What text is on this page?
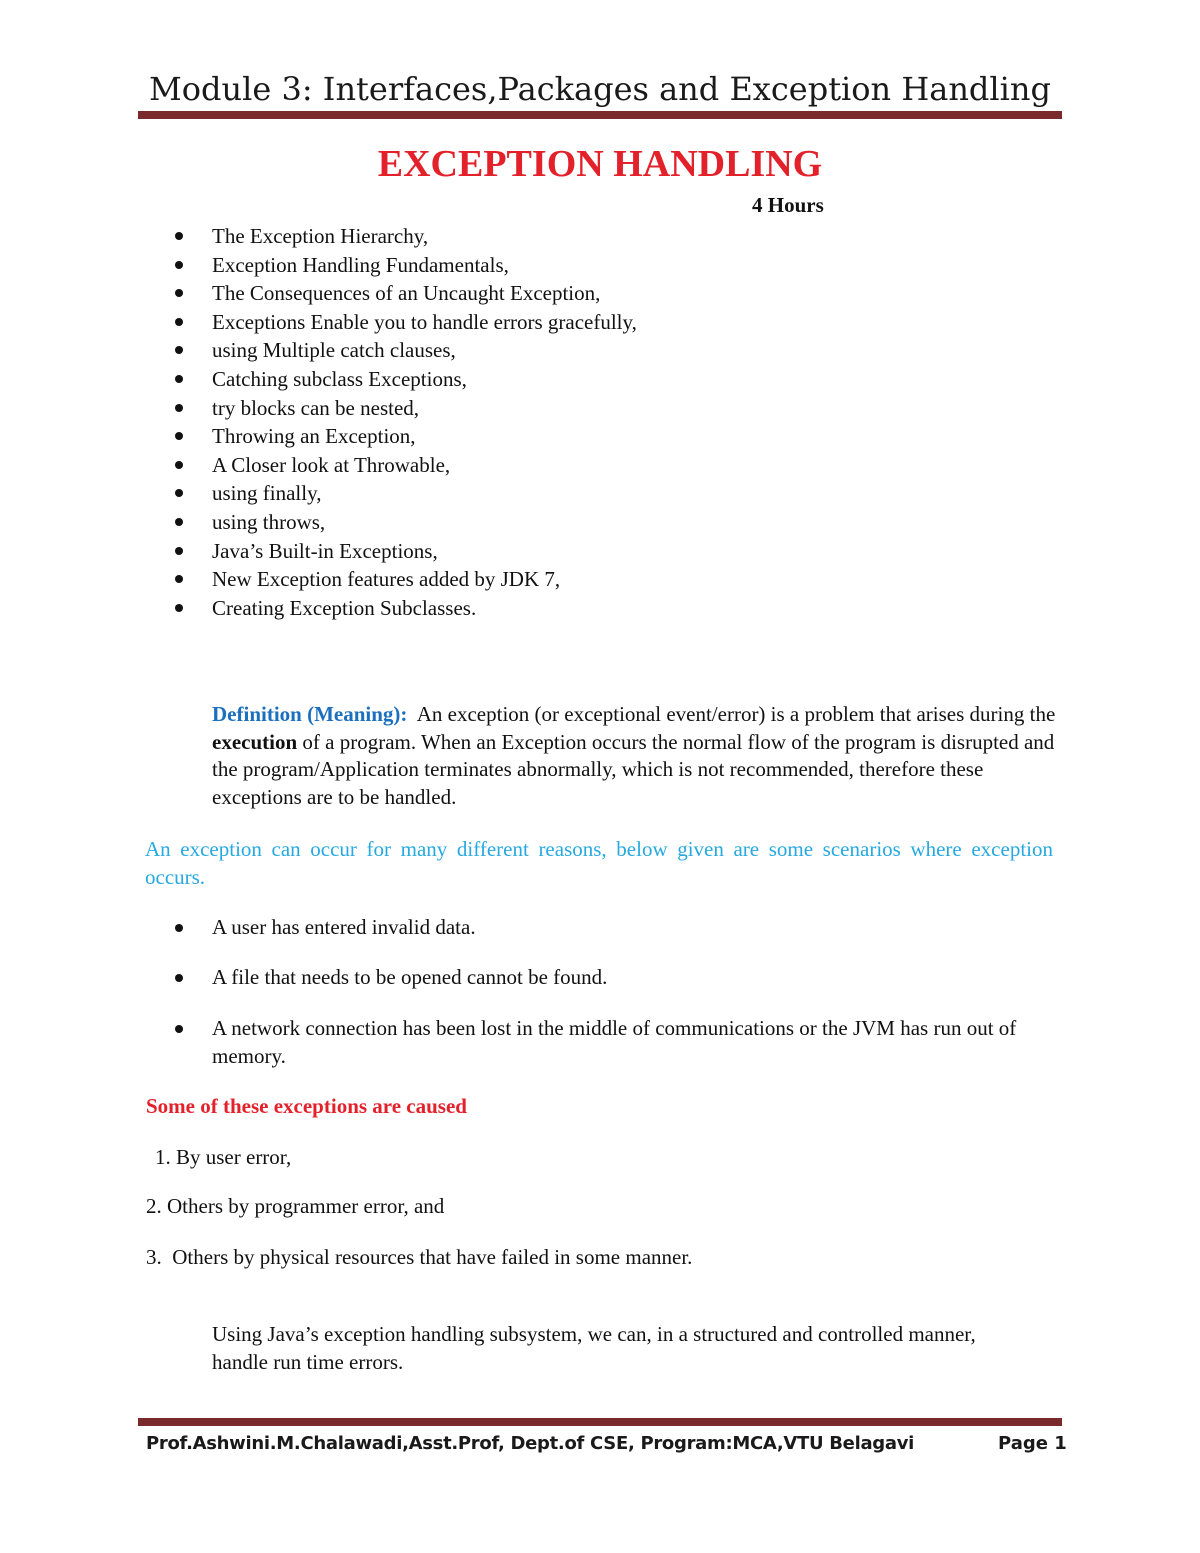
Module 3: Interfaces,Packages and Exception Handling
EXCEPTION HANDLING
4 Hours
The Exception Hierarchy,
Exception Handling Fundamentals,
The Consequences of an Uncaught Exception,
Exceptions Enable you to handle errors gracefully,
using Multiple catch clauses,
Catching subclass Exceptions,
try blocks can be nested,
Throwing an Exception,
A Closer look at Throwable,
using finally,
using throws,
Java’s Built-in Exceptions,
New Exception features added by JDK 7,
Creating Exception Subclasses.
Definition (Meaning): An exception (or exceptional event/error) is a problem that arises during the execution of a program. When an Exception occurs the normal flow of the program is disrupted and the program/Application terminates abnormally, which is not recommended, therefore these exceptions are to be handled.
An exception can occur for many different reasons, below given are some scenarios where exception occurs.
A user has entered invalid data.
A file that needs to be opened cannot be found.
A network connection has been lost in the middle of communications or the JVM has run out of memory.
Some of these exceptions are caused
1. By user error,
2. Others by programmer error, and
3.  Others by physical resources that have failed in some manner.
Using Java’s exception handling subsystem, we can, in a structured and controlled manner, handle run time errors.
Prof.Ashwini.M.Chalawadi,Asst.Prof, Dept.of CSE, Program:MCA,VTU Belagavi	Page 1
